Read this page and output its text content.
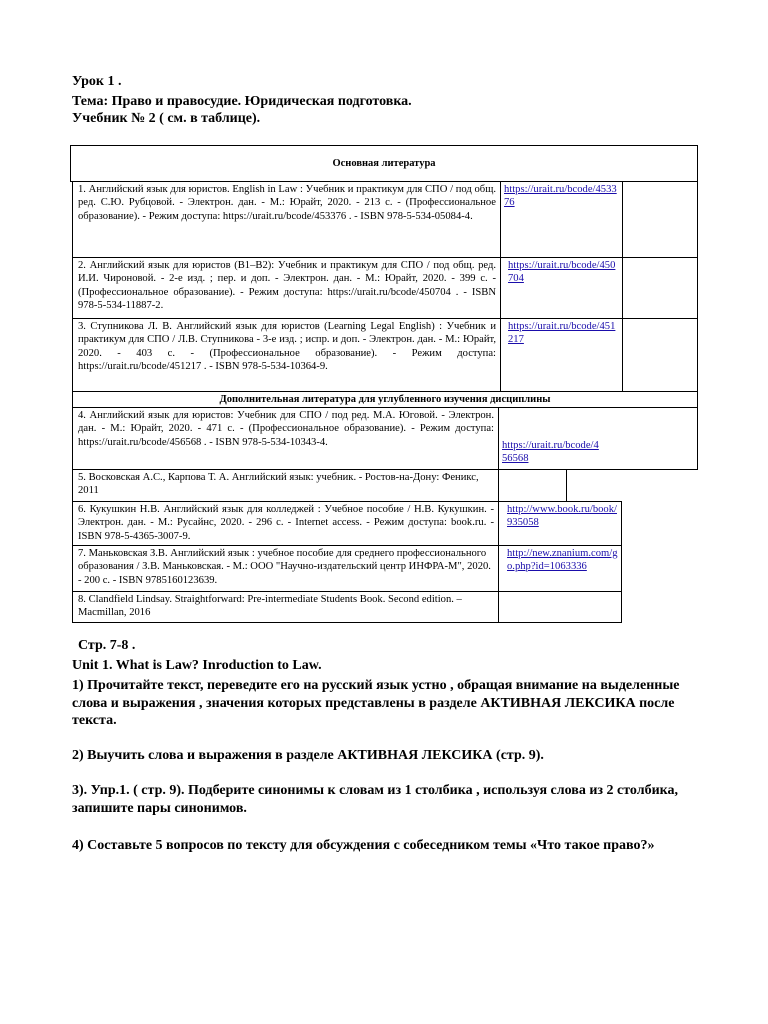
Урок 1 .
Тема: Право и правосудие. Юридическая подготовка.
Учебник № 2 ( см. в таблице).
Основная литература
1. Английский язык для юристов. English in Law : Учебник и практикум для СПО / под общ. ред. С.Ю. Рубцовой. - Электрон. дан. - М.: Юрайт, 2020. - 213 с. - (Профессиональное образование). - Режим доступа: https://urait.ru/bcode/453376 . - ISBN 978-5-534-05084-4.
https://urait.ru/bcode/453376
2. Английский язык для юристов (B1–B2): Учебник и практикум для СПО / под общ. ред. И.И. Чироновой. - 2-е изд. ; пер. и доп. - Электрон. дан. - М.: Юрайт, 2020. - 399 с. - (Профессиональное образование). - Режим доступа: https://urait.ru/bcode/450704 . - ISBN 978-5-534-11887-2.
https://urait.ru/bcode/450704
3. Ступникова Л. В. Английский язык для юристов (Learning Legal English) : Учебник и практикум для СПО / Л.В. Ступникова - 3-е изд. ; испр. и доп. - Электрон. дан. - М.: Юрайт, 2020. - 403 с. - (Профессиональное образование). - Режим доступа: https://urait.ru/bcode/451217 . - ISBN 978-5-534-10364-9.
https://urait.ru/bcode/451217
Дополнительная литература для углубленного изучения дисциплины
4. Английский язык для юристов: Учебник для СПО / под ред. М.А. Юговой. - Электрон. дан. - М.: Юрайт, 2020. - 471 с. - (Профессиональное образование). - Режим доступа: https://urait.ru/bcode/456568 . - ISBN 978-5-534-10343-4.	https://urait.ru/bcode/456568
5. Восковская А.С., Карпова Т. А. Английский язык: учебник. - Ростов-на-Дону: Феникс, 2011
6. Кукушкин Н.В. Английский язык для колледжей : Учебное пособие / Н.В. Кукушкин. - Электрон. дан. - М.: Русайнс, 2020. - 296 с. - Internet access. - Режим доступа: book.ru. - ISBN 978-5-4365-3007-9.
http://www.book.ru/book/935058
7. Маньковская З.В. Английский язык : учебное пособие для среднего профессионального образования / З.В. Маньковская. - М.: ООО "Научно-издательский центр ИНФРА-М", 2020. - 200 с. - ISBN 9785160123639.
http://new.znanium.com/go.php?id=1063336
8. Clandfield Lindsay. Straightforward: Pre-intermediate Students Book. Second edition. – Macmillan, 2016
Стр. 7-8 .
Unit 1. What is Law? Inroduction to Law.
1) Прочитайте текст, переведите его на русский язык устно , обращая внимание на выделенные слова и выражения , значения которых представлены в разделе АКТИВНАЯ ЛЕКСИКА после текста.
2) Выучить слова и выражения в разделе АКТИВНАЯ ЛЕКСИКА (стр. 9).
3). Упр.1. ( стр. 9). Подберите синонимы к словам из 1 столбика , используя слова из 2 столбика, запишите пары синонимов.
4) Составьте 5 вопросов по тексту для обсуждения с собеседником темы «Что такое право?»
